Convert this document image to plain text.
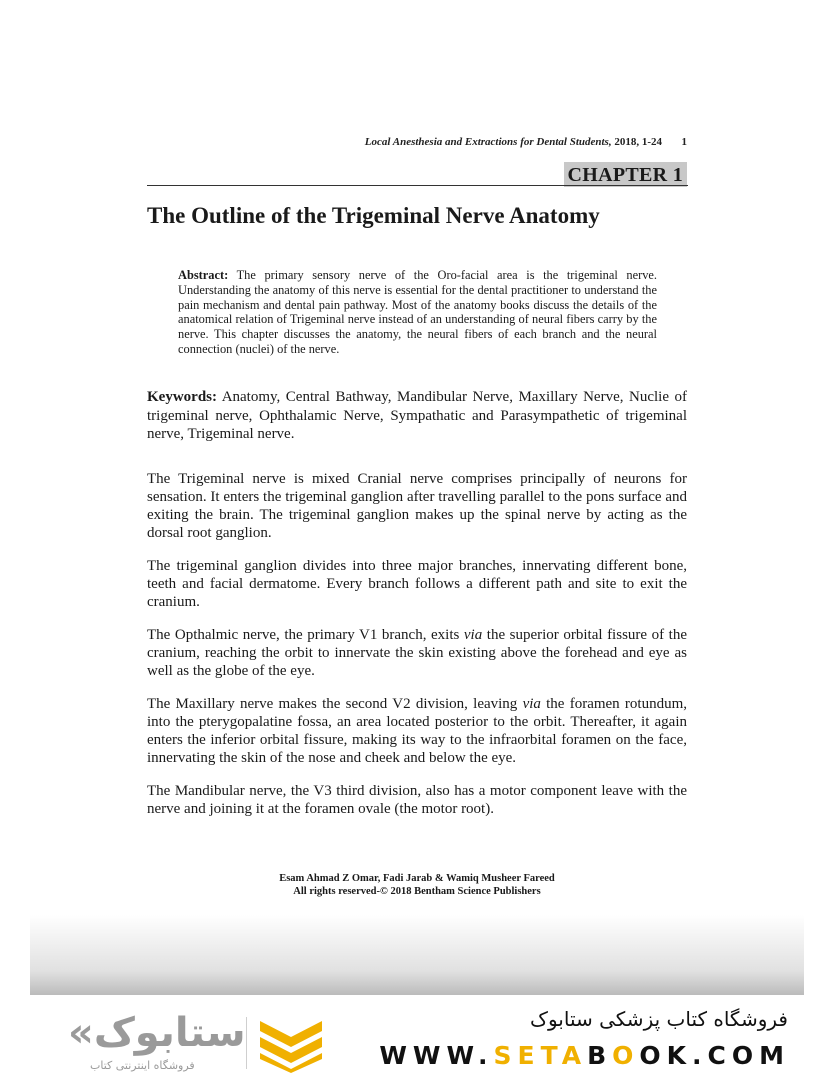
Local Anesthesia and Extractions for Dental Students, 2018, 1-24 1
CHAPTER 1
The Outline of the Trigeminal Nerve Anatomy

Abstract: The primary sensory nerve of the Oro-facial area is the trigeminal nerve. Understanding the anatomy of this nerve is essential for the dental practitioner to understand the pain mechanism and dental pain pathway. Most of the anatomy books discuss the details of the anatomical relation of Trigeminal nerve instead of an understanding of neural fibers carry by the nerve. This chapter discusses the anatomy, the neural fibers of each branch and the neural connection (nuclei) of the nerve.

Keywords: Anatomy, Central Bathway, Mandibular Nerve, Maxillary Nerve, Nuclie of trigeminal nerve, Ophthalamic Nerve, Sympathatic and Parasympathetic of trigeminal nerve, Trigeminal nerve.

The Trigeminal nerve is mixed Cranial nerve comprises principally of neurons for sensation. It enters the trigeminal ganglion after travelling parallel to the pons surface and exiting the brain. The trigeminal ganglion makes up the spinal nerve by acting as the dorsal root ganglion.

The trigeminal ganglion divides into three major branches, innervating different bone, teeth and facial dermatome. Every branch follows a different path and site to exit the cranium.

The Opthalmic nerve, the primary V1 branch, exits via the superior orbital fissure of the cranium, reaching the orbit to innervate the skin existing above the forehead and eye as well as the globe of the eye.

The Maxillary nerve makes the second V2 division, leaving via the foramen rotundum, into the pterygopalatine fossa, an area located posterior to the orbit. Thereafter, it again enters the inferior orbital fissure, making its way to the infraorbital foramen on the face, innervating the skin of the nose and cheek and below the eye.

The Mandibular nerve, the V3 third division, also has a motor component leave with the nerve and joining it at the foramen ovale (the motor root).

Esam Ahmad Z Omar, Fadi Jarab & Wamiq Musheer Fareed
All rights reserved-© 2018 Bentham Science Publishers
«ستابوک
فروشگاه اینترنتی کتاب
فروشگاه کتاب پزشکی ستابوک
WWW.SETABOOK.COM
